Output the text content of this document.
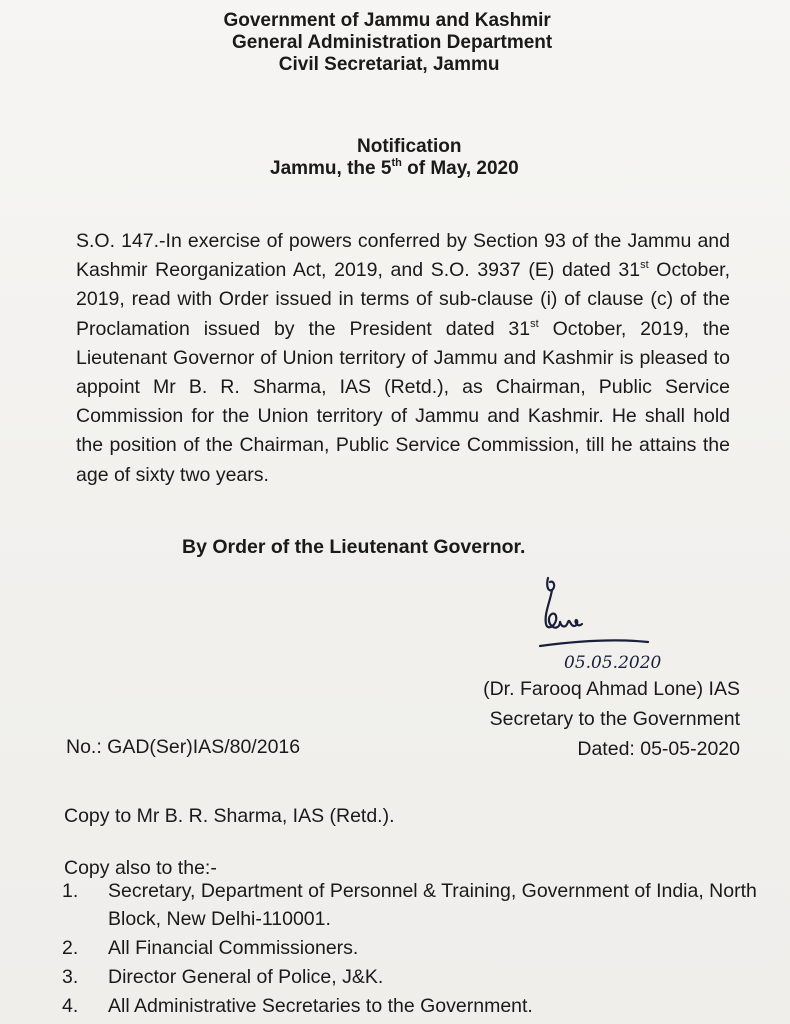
Government of Jammu and Kashmir
General Administration Department
Civil Secretariat, Jammu
Notification
Jammu, the 5th of May, 2020

S.O. 147.-In exercise of powers conferred by Section 93 of the Jammu and Kashmir Reorganization Act, 2019, and S.O. 3937 (E) dated 31st October, 2019, read with Order issued in terms of sub-clause (i) of clause (c) of the Proclamation issued by the President dated 31st October, 2019, the Lieutenant Governor of Union territory of Jammu and Kashmir is pleased to appoint Mr B. R. Sharma, IAS (Retd.), as Chairman, Public Service Commission for the Union territory of Jammu and Kashmir. He shall hold the position of the Chairman, Public Service Commission, till he attains the age of sixty two years.

By Order of the Lieutenant Governor.
05.05.2020
(Dr. Farooq Ahmad Lone) IAS
Secretary to the Government
Dated: 05-05-2020
No.: GAD(Ser)IAS/80/2016
Copy to Mr B. R. Sharma, IAS (Retd.).
Copy also to the:-
1. Secretary, Department of Personnel & Training, Government of India, North Block, New Delhi-110001.
2. All Financial Commissioners.
3. Director General of Police, J&K.
4. All Administrative Secretaries to the Government.
